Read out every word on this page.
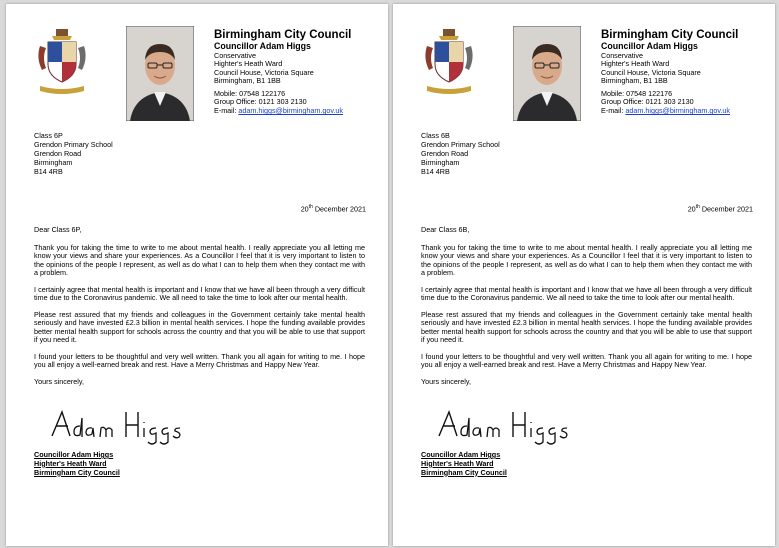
Birmingham City Council
Councillor Adam Higgs
Conservative
Highter's Heath Ward
Council House, Victoria Square
Birmingham, B1 1BB
Mobile: 07548 122176
Group Office: 0121 303 2130
E-mail: adam.higgs@birmingham.gov.uk
Class 6P
Grendon Primary School
Grendon Road
Birmingham
B14 4RB
20th December 2021

Dear Class 6P,

Thank you for taking the time to write to me about mental health. I really appreciate you all letting me know your views and share your experiences. As a Councillor I feel that it is very important to listen to the opinions of the people I represent, as well as do what I can to help them when they contact me with a problem.

I certainly agree that mental health is important and I know that we have all been through a very difficult time due to the Coronavirus pandemic. We all need to take the time to look after our mental health.

Please rest assured that my friends and colleagues in the Government certainly take mental health seriously and have invested £2.3 billion in mental health services. I hope the funding available provides better mental health support for schools across the country and that you will be able to use that support if you need it.

I found your letters to be thoughtful and very well written. Thank you all again for writing to me. I hope you all enjoy a well-earned break and rest. Have a Merry Christmas and Happy New Year.

Yours sincerely,

Councillor Adam Higgs
Highter's Heath Ward
Birmingham City Council
Birmingham City Council
Councillor Adam Higgs
Conservative
Highter's Heath Ward
Council House, Victoria Square
Birmingham, B1 1BB
Mobile: 07548 122176
Group Office: 0121 303 2130
E-mail: adam.higgs@birmingham.gov.uk
Class 6B
Grendon Primary School
Grendon Road
Birmingham
B14 4RB
20th December 2021

Dear Class 6B,

Thank you for taking the time to write to me about mental health. I really appreciate you all letting me know your views and share your experiences. As a Councillor I feel that it is very important to listen to the opinions of the people I represent, as well as do what I can to help them when they contact me with a problem.

I certainly agree that mental health is important and I know that we have all been through a very difficult time due to the Coronavirus pandemic. We all need to take the time to look after our mental health.

Please rest assured that my friends and colleagues in the Government certainly take mental health seriously and have invested £2.3 billion in mental health services. I hope the funding available provides better mental health support for schools across the country and that you will be able to use that support if you need it.

I found your letters to be thoughtful and very well written. Thank you all again for writing to me. I hope you all enjoy a well-earned break and rest. Have a Merry Christmas and Happy New Year.

Yours sincerely,

Councillor Adam Higgs
Highter's Heath Ward
Birmingham City Council
